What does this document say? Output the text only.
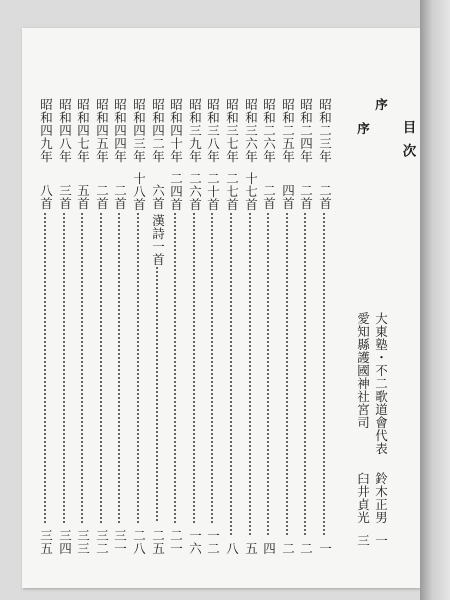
目次
序
大東塾・不二歌道會代表
鈴木正男
一
序
愛知縣護國神社宮司
臼井貞光
三
昭和二三年
二首
一
昭和二四年
二首
二
昭和二五年
四首
二
昭和二六年
二首
四
昭和三六年
十七首
五
昭和三七年
二七首
八
昭和三八年
二十首
一二
昭和三九年
二六首
一六
昭和四十年
二四首
二一
昭和四二年
六首
漢詩一首
二五
昭和四三年
十八首
二八
昭和四四年
二首
三一
昭和四五年
二首
三二
昭和四七年
五首
三三
昭和四八年
三首
三四
昭和四九年
八首
三五
